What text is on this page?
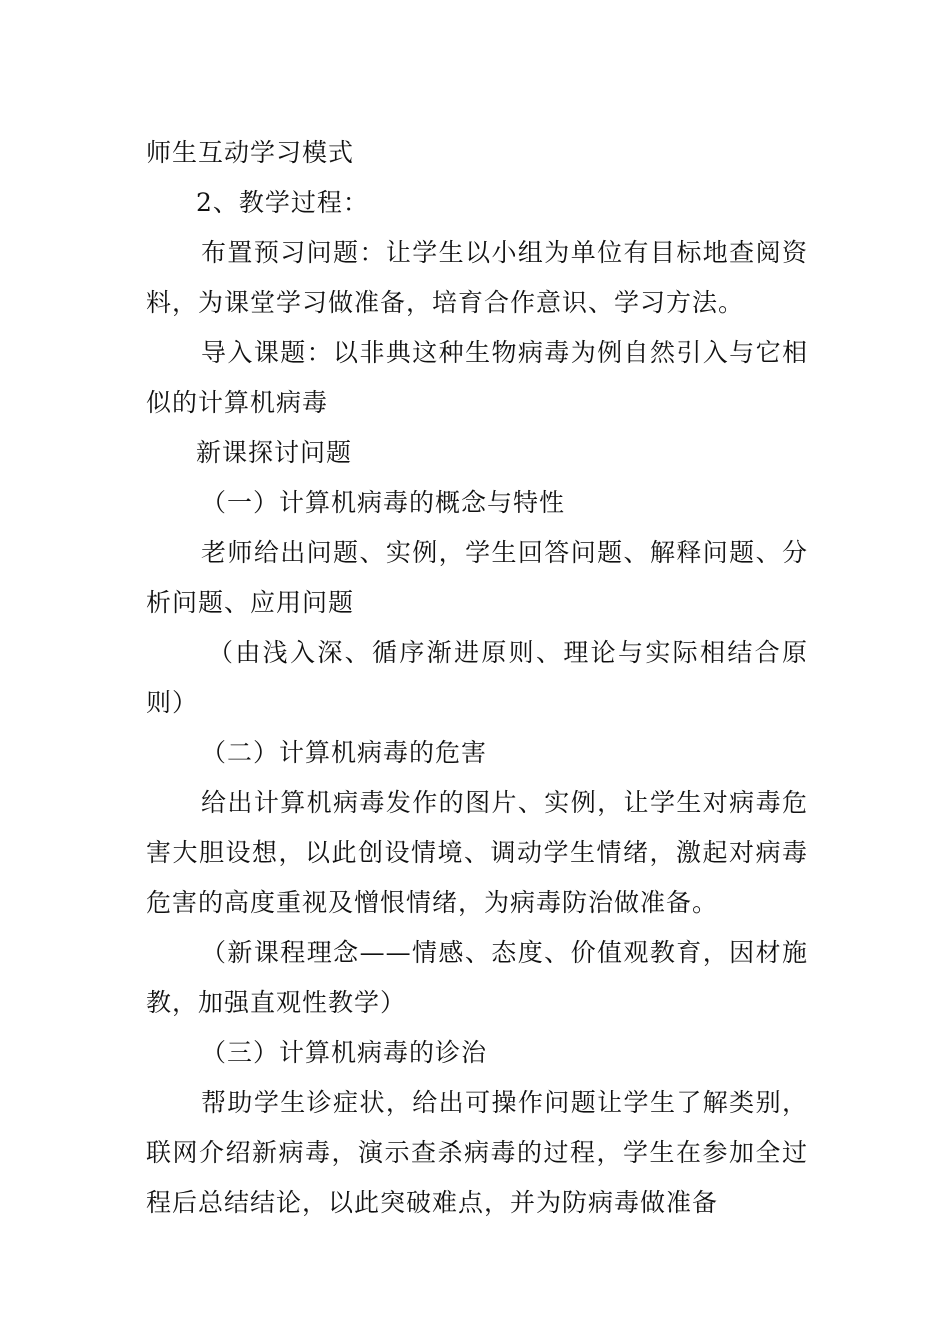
师生互动学习模式

2、教学过程：

布置预习问题：让学生以小组为单位有目标地查阅资料，为课堂学习做准备，培育合作意识、学习方法。

导入课题：以非典这种生物病毒为例自然引入与它相似的计算机病毒

新课探讨问题

（一）计算机病毒的概念与特性

老师给出问题、实例，学生回答问题、解释问题、分析问题、应用问题

（由浅入深、循序渐进原则、理论与实际相结合原则）

（二）计算机病毒的危害

给出计算机病毒发作的图片、实例，让学生对病毒危害大胆设想，以此创设情境、调动学生情绪，激起对病毒危害的高度重视及憎恨情绪，为病毒防治做准备。

（新课程理念——情感、态度、价值观教育，因材施教，加强直观性教学）

（三）计算机病毒的诊治

帮助学生诊症状，给出可操作问题让学生了解类别，联网介绍新病毒，演示查杀病毒的过程，学生在参加全过程后总结结论，以此突破难点，并为防病毒做准备
